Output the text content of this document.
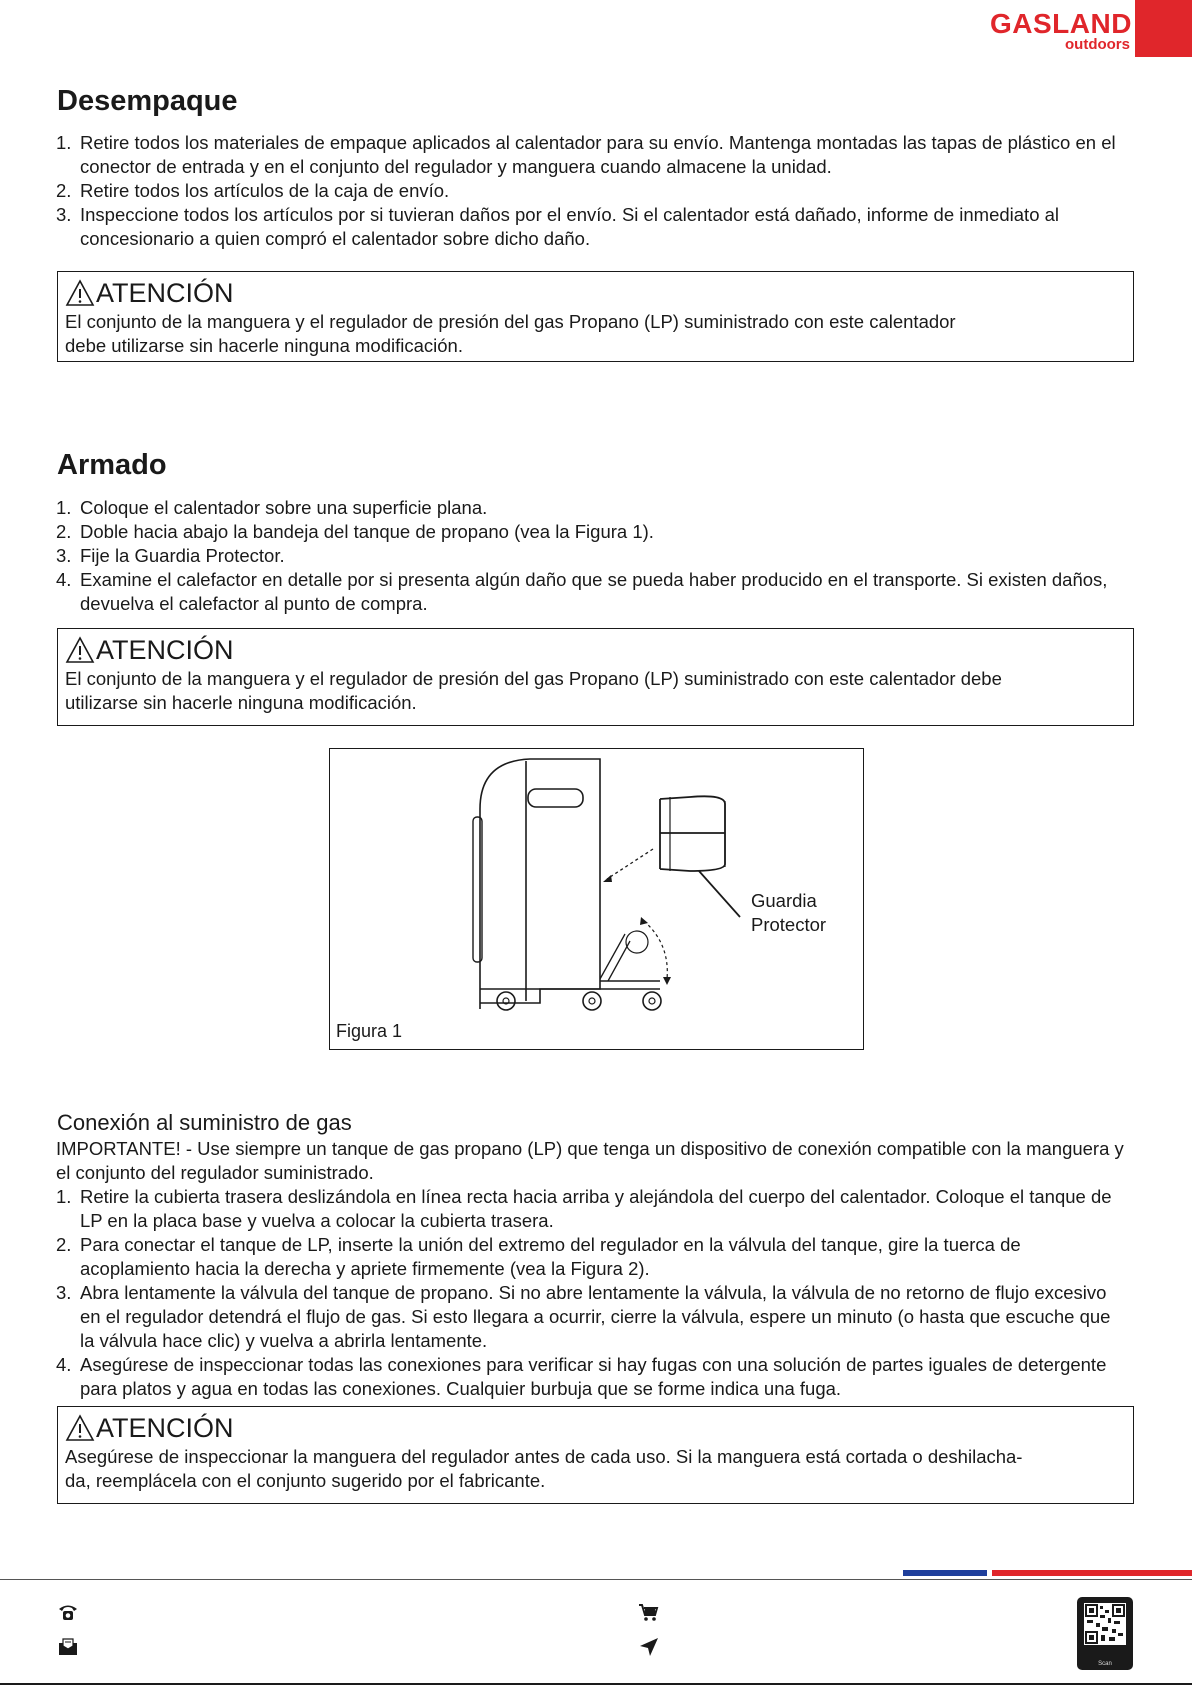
GASLAND
outdoors
Desempaque
1. Retire todos los materiales de empaque aplicados al calentador para su envío. Mantenga montadas las tapas de plástico en el conector de entrada y en el conjunto del regulador y manguera cuando almacene la unidad.
2. Retire todos los artículos de la caja de envío.
3. Inspeccione todos los artículos por si tuvieran daños por el envío. Si el calentador está dañado, informe de inmediato al concesionario a quien compró el calentador sobre dicho daño.
ATENCIÓN
El conjunto de la manguera y el regulador de presión del gas Propano (LP) suministrado con este calentador
debe utilizarse sin hacerle ninguna modificación.
Armado
1. Coloque el calentador sobre una superficie plana.
2. Doble hacia abajo la bandeja del tanque de propano (vea la Figura 1).
3. Fije la Guardia Protector.
4. Examine el calefactor en detalle por si presenta algún daño que se pueda haber producido en el transporte. Si existen daños, devuelva el calefactor al punto de compra.
ATENCIÓN
El conjunto de la manguera y el regulador de presión del gas Propano (LP) suministrado con este calentador debe
utilizarse sin hacerle ninguna modificación.
Guardia
Protector
Figura 1
Conexión al suministro de gas

IMPORTANTE! - Use siempre un tanque de gas propano (LP) que tenga un dispositivo de conexión compatible con la manguera y el conjunto del regulador suministrado.

1. Retire la cubierta trasera deslizándola en línea recta hacia arriba y alejándola del cuerpo del calentador. Coloque el tanque de LP en la placa base y vuelva a colocar la cubierta trasera.
2. Para conectar el tanque de LP, inserte la unión del extremo del regulador en la válvula del tanque, gire la tuerca de acoplamiento hacia la derecha y apriete firmemente (vea la Figura 2).
3. Abra lentamente la válvula del tanque de propano. Si no abre lentamente la válvula, la válvula de no retorno de flujo excesivo en el regulador detendrá el flujo de gas. Si esto llegara a ocurrir, cierre la válvula, espere un minuto (o hasta que escuche que la válvula hace clic) y vuelva a abrirla lentamente.
4. Asegúrese de inspeccionar todas las conexiones para verificar si hay fugas con una solución de partes iguales de detergente para platos y agua en todas las conexiones. Cualquier burbuja que se forme indica una fuga.
ATENCIÓN
Asegúrese de inspeccionar la manguera del regulador antes de cada uso. Si la manguera está cortada o deshilacha-
da, reemplácela con el conjunto sugerido por el fabricante.
Scan
